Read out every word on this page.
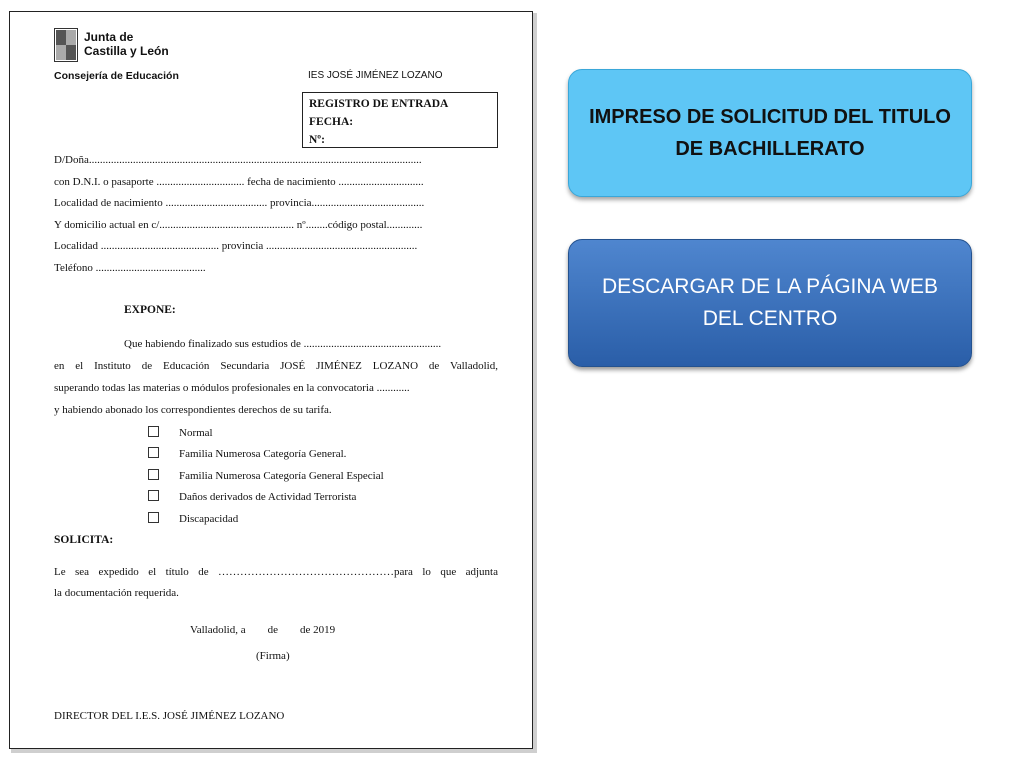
Junta de
Castilla y León
Consejería de Educación	IES JOSÉ JIMÉNEZ LOZANO
REGISTRO DE ENTRADA
FECHA:
Nº:
D/Doña.........................................................................................................................
con D.N.I. o pasaporte ................................ fecha de nacimiento ...............................
Localidad de nacimiento ..................................... provincia.........................................
Y domicilio actual en c/................................................. nº........código postal.............
Localidad ........................................... provincia .......................................................
Teléfono ........................................
EXPONE:
Que habiendo finalizado sus estudios de ..................................................
en el Instituto de Educación Secundaria JOSÉ JIMÉNEZ LOZANO de Valladolid,
superando todas las materias o módulos profesionales en la convocatoria ............
y habiendo abonado los correspondientes derechos de su tarifa.
Normal
Familia Numerosa Categoría General.
Familia Numerosa Categoría General Especial
Daños derivados de Actividad Terrorista
Discapacidad
SOLICITA:
Le sea expedido el título de …………………………………………para lo que adjunta
la documentación requerida.
Valladolid, a        de        de 2019
(Firma)
DIRECTOR DEL I.E.S. JOSÉ JIMÉNEZ LOZANO
IMPRESO DE SOLICITUD DEL TITULO DE BACHILLERATO
DESCARGAR DE LA PÁGINA WEB DEL CENTRO
